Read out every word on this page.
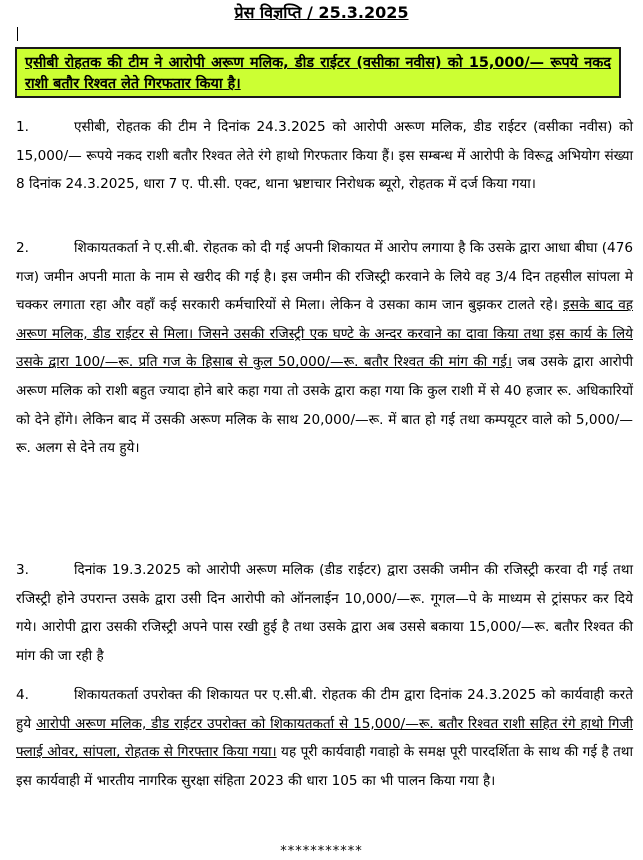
प्रेस विज्ञप्ति / 25.3.2025
एसीबी रोहतक की टीम ने आरोपी अरूण मलिक, डीड राईटर (वसीका नवीस) को 15,000/— रूपये नकद राशी बतौर रिश्वत लेते गिरफतार किया है।

1.	एसीबी, रोहतक की टीम ने दिनांक 24.3.2025 को आरोपी अरूण मलिक, डीड राईटर (वसीका नवीस) को 15,000/— रूपये नकद राशी बतौर रिश्वत लेते रंगे हाथो गिरफतार किया हैं। इस सम्बन्ध में आरोपी के विरूद्व अभियोग संख्या 8 दिनांक 24.3.2025, धारा 7 ए. पी.सी. एक्ट, थाना भ्रष्टाचार निरोधक ब्यूरो, रोहतक में दर्ज किया गया।

2.	शिकायतकर्ता ने ए.सी.बी. रोहतक को दी गई अपनी शिकायत में आरोप लगाया है कि उसके द्वारा आधा बीघा (476 गज) जमीन अपनी माता के नाम से खरीद की गई है। इस जमीन की रजिस्ट्री करवाने के लिये वह 3/4 दिन तहसील सांपला मे चक्कर लगाता रहा और वहाँ कई सरकारी कर्मचारियों से मिला। लेकिन वे उसका काम जान बुझकर टालते रहे। इसके बाद वह अरूण मलिक, डीड राईटर से मिला। जिसने उसकी रजिस्ट्री एक घण्टे के अन्दर करवाने का दावा किया तथा इस कार्य के लिये उसके द्वारा 100/—रू. प्रति गज के हिसाब से कुल 50,000/—रू. बतौर रिश्वत की मांग की गई। जब उसके द्वारा आरोपी अरूण मलिक को राशी बहुत ज्यादा होने बारे कहा गया तो उसके द्वारा कहा गया कि कुल राशी में से 40 हजार रू. अधिकारियों को देने होंगे। लेकिन बाद में उसकी अरूण मलिक के साथ 20,000/—रू. में बात हो गई तथा कम्पयूटर वाले को 5,000/—रू. अलग से देने तय हुये।

3.	दिनांक 19.3.2025 को आरोपी अरूण मलिक (डीड राईटर) द्वारा उसकी जमीन की रजिस्ट्री करवा दी गई तथा रजिस्ट्री होने उपरान्त उसके द्वारा उसी दिन आरोपी को ऑनलाईन 10,000/—रू. गूगल—पे के माध्यम से ट्रांसफर कर दिये गये। आरोपी द्वारा उसकी रजिस्ट्री अपने पास रखी हुई है तथा उसके द्वारा अब उससे बकाया 15,000/—रू. बतौर रिश्वत की मांग की जा रही है

4.	शिकायतकर्ता उपरोक्त की शिकायत पर ए.सी.बी. रोहतक की टीम द्वारा दिनांक 24.3.2025 को कार्यवाही करते हुये आरोपी अरूण मलिक, डीड राईटर उपरोक्त को शिकायतकर्ता से 15,000/—रू. बतौर रिश्वत राशी सहित रंगे हाथो गिजी फ्लाई ओवर, सांपला, रोहतक से गिरफ्तार किया गया। यह पूरी कार्यवाही गवाहो के समक्ष पूरी पारदर्शिता के साथ की गई है तथा इस कार्यवाही में भारतीय नागरिक सुरक्षा संहिता 2023 की धारा 105 का भी पालन किया गया है।

***********
